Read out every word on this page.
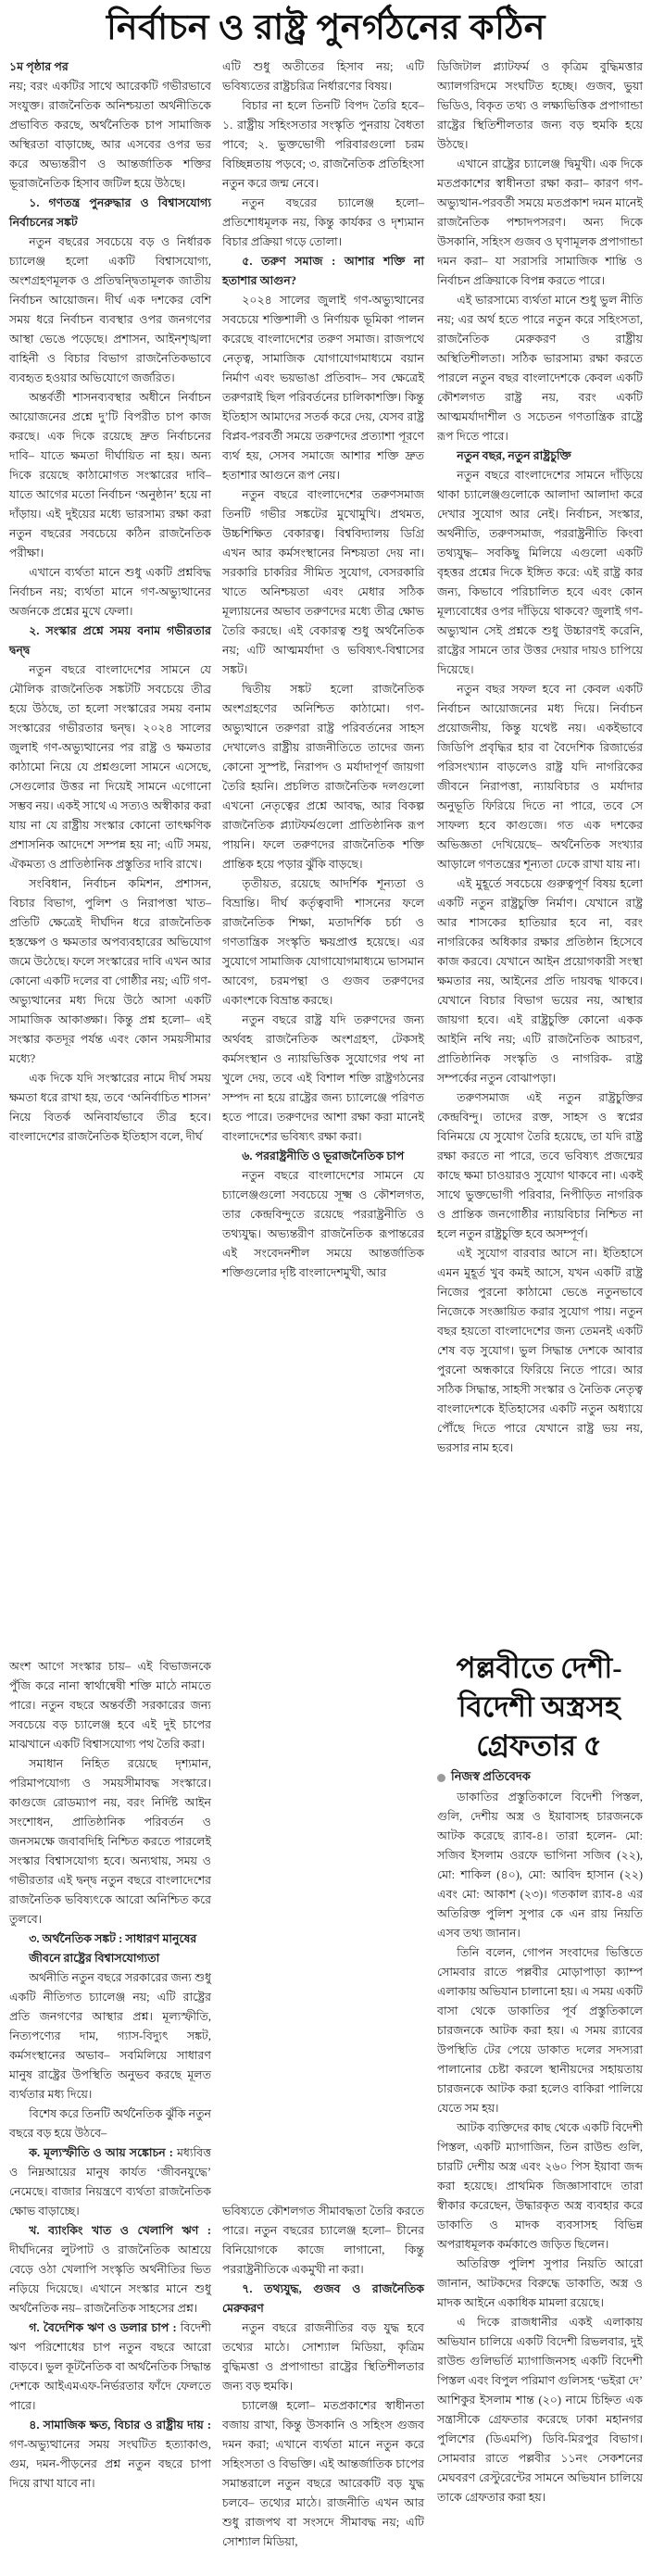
নির্বাচন ও রাষ্ট্র পুনর্গঠনের কঠিন
১ম পৃষ্ঠার পর

নয়; বরং একটির সাথে আরেকটি গভীরভাবে সংযুক্ত। রাজনৈতিক অনিশ্চয়তা অর্থনীতিকে প্রভাবিত করছে, অর্থনৈতিক চাপ সামাজিক অস্থিরতা বাড়াচ্ছে, আর এসবের ওপর ভর করে অভ্যন্তরীণ ও আন্তর্জাতিক শক্তির ভূরাজনৈতিক হিসাব জটিল হয়ে উঠছে।

১. গণতন্ত্র পুনরুদ্ধার ও বিশ্বাসযোগ্য নির্বাচনের সঙ্কট

নতুন বছরের সবচেয়ে বড় ও নির্ধারক চ্যালেঞ্জ হলো একটি বিশ্বাসযোগ্য, অংশগ্রহণমূলক ও প্রতিদ্বন্দ্বিতামূলক জাতীয় নির্বাচন আয়োজন। দীর্ঘ এক দশকের বেশি সময় ধরে নির্বাচন ব্যবস্থার ওপর জনগণের আস্থা ভেঙে পড়েছে। প্রশাসন, আইনশৃঙ্খলা বাহিনী ও বিচার বিভাগ রাজনৈতিকভাবে ব্যবহৃত হওয়ার অভিযোগে জর্জরিত।

অন্তর্বর্তী শাসনব্যবস্থার অধীনে নির্বাচন আয়োজনের প্রশ্নে দু’টি বিপরীত চাপ কাজ করছে। এক দিকে রয়েছে দ্রুত নির্বাচনের দাবি– যাতে ক্ষমতা দীর্ঘায়িত না হয়। অন্য দিকে রয়েছে কাঠামোগত সংস্কারের দাবি– যাতে আগের মতো নির্বাচন ‘অনুষ্ঠান’ হয়ে না দাঁড়ায়। এই দুইয়ের মধ্যে ভারসাম্য রক্ষা করা নতুন বছরের সবচেয়ে কঠিন রাজনৈতিক পরীক্ষা।

এখানে ব্যর্থতা মানে শুধু একটি প্রশ্নবিদ্ধ নির্বাচন নয়; ব্যর্থতা মানে গণ-অভ্যুত্থানের অর্জনকে প্রশ্নের মুখে ফেলা।

২. সংস্কার প্রশ্নে সময় বনাম গভীরতার দ্বন্দ্ব

নতুন বছরে বাংলাদেশের সামনে যে মৌলিক রাজনৈতিক সঙ্কটটি সবচেয়ে তীব্র হয়ে উঠছে, তা হলো সংস্কারের সময় বনাম সংস্কারের গভীরতার দ্বন্দ্ব। ২০২৪ সালের জুলাই গণ-অভ্যুত্থানের পর রাষ্ট্র ও ক্ষমতার কাঠামো নিয়ে যে প্রশ্নগুলো সামনে এসেছে, সেগুলোর উত্তর না দিয়েই সামনে এগোনো সম্ভব নয়। একই সাথে এ সত্যও অস্বীকার করা যায় না যে রাষ্ট্রীয় সংস্কার কোনো তাৎক্ষণিক প্রশাসনিক আদেশে সম্পন্ন হয় না; এটি সময়, ঐকমত্য ও প্রাতিষ্ঠানিক প্রস্তুতির দাবি রাখে।

সংবিধান, নির্বাচন কমিশন, প্রশাসন, বিচার বিভাগ, পুলিশ ও নিরাপত্তা খাত– প্রতিটি ক্ষেত্রেই দীর্ঘদিন ধরে রাজনৈতিক হস্তক্ষেপ ও ক্ষমতার অপব্যবহারের অভিযোগ জমে উঠেছে। ফলে সংস্কারের দাবি এখন আর কোনো একটি দলের বা গোষ্ঠীর নয়; এটি গণ-অভ্যুত্থানের মধ্য দিয়ে উঠে আসা একটি সামাজিক আকাঙ্ক্ষা। কিন্তু প্রশ্ন হলো– এই সংস্কার কতদূর পর্যন্ত এবং কোন সময়সীমার মধ্যে?

এক দিকে যদি সংস্কারের নামে দীর্ঘ সময় ক্ষমতা ধরে রাখা হয়, তবে ‘অনির্বাচিত শাসন’ নিয়ে বিতর্ক অনিবার্যভাবে তীব্র হবে। বাংলাদেশের রাজনৈতিক ইতিহাস বলে, দীর্ঘ

অংশ আগে সংস্কার চায়– এই বিভাজনকে পুঁজি করে নানা স্বার্থান্বেষী শক্তি মাঠে নামতে পারে। নতুন বছরে অন্তর্বর্তী সরকারের জন্য সবচেয়ে বড় চ্যালেঞ্জ হবে এই দুই চাপের মাঝখানে একটি বিশ্বাসযোগ্য পথ তৈরি করা।

সমাধান নিহিত রয়েছে দৃশ্যমান, পরিমাপযোগ্য ও সময়সীমাবদ্ধ সংস্কারে। কাগুজে রোডম্যাপ নয়, বরং নির্দিষ্ট আইন সংশোধন, প্রাতিষ্ঠানিক পরিবর্তন ও জনসমক্ষে জবাবদিহি নিশ্চিত করতে পারলেই সংস্কার বিশ্বাসযোগ্য হবে। অন্যথায়, সময় ও গভীরতার এই দ্বন্দ্ব নতুন বছরে বাংলাদেশের রাজনৈতিক ভবিষ্যৎকে আরো অনিশ্চিত করে তুলবে।

৩. অর্থনৈতিক সঙ্কট : সাধারণ মানুষের
জীবনে রাষ্ট্রের বিশ্বাসযোগ্যতা

অর্থনীতি নতুন বছরে সরকারের জন্য শুধু একটি নীতিগত চ্যালেঞ্জ নয়; এটি রাষ্ট্রের প্রতি জনগণের আস্থার প্রশ্ন। মূল্যস্ফীতি, নিত্যপণ্যের দাম, গ্যাস-বিদ্যুৎ সঙ্কট, কর্মসংস্থানের অভাব– সবমিলিয়ে সাধারণ মানুষ রাষ্ট্রের উপস্থিতি অনুভব করছে মূলত ব্যর্থতার মধ্য দিয়ে।

বিশেষ করে তিনটি অর্থনৈতিক ঝুঁকি নতুন বছরে বড় হয়ে উঠবে–

ক. মূল্যস্ফীতি ও আয় সঙ্কোচন : মধ্যবিত্ত ও নিম্নআয়ের মানুষ কার্যত ‘জীবনযুদ্ধে’ নেমেছে। বাজার নিয়ন্ত্রণে ব্যর্থতা রাজনৈতিক ক্ষোভ বাড়াচ্ছে।

খ. ব্যাংকিং খাত ও খেলাপি ঋণ : দীর্ঘদিনের লুটপাট ও রাজনৈতিক আশ্রয়ে বেড়ে ওঠা খেলাপি সংস্কৃতি অর্থনীতির ভিত নড়িয়ে দিয়েছে। এখানে সংস্কার মানে শুধু অর্থনৈতিক নয়– রাজনৈতিক সাহসের প্রশ্ন।

গ. বৈদেশিক ঋণ ও ডলার চাপ : বিদেশী ঋণ পরিশোধের চাপ নতুন বছরে আরো বাড়বে। ভুল কূটনৈতিক বা অর্থনৈতিক সিদ্ধান্ত দেশকে আইএমএফ-নির্ভরতার ফাঁদে ফেলতে পারে।

৪. সামাজিক ক্ষত, বিচার ও রাষ্ট্রীয় দায় : গণ-অভ্যুত্থানের সময় সংঘটিত হত্যাকাণ্ড, গুম, দমন-পীড়নের প্রশ্ন নতুন বছরে চাপা দিয়ে রাখা যাবে না।

এটি শুধু অতীতের হিসাব নয়; এটি ভবিষ্যতের রাষ্ট্রচরিত্র নির্ধারণের বিষয়।

বিচার না হলে তিনটি বিপদ তৈরি হবে– ১. রাষ্ট্রীয় সহিংসতার সংস্কৃতি পুনরায় বৈধতা পাবে; ২. ভুক্তভোগী পরিবারগুলো চরম বিচ্ছিন্নতায় পড়বে; ৩. রাজনৈতিক প্রতিহিংসা নতুন করে জন্ম নেবে।

নতুন বছরের চ্যালেঞ্জ হলো– প্রতিশোধমূলক নয়, কিন্তু কার্যকর ও দৃশ্যমান বিচার প্রক্রিয়া গড়ে তোলা।

৫. তরুণ সমাজ : আশার শক্তি না হতাশার আগুন?

২০২৪ সালের জুলাই গণ-অভ্যুত্থানের সবচেয়ে শক্তিশালী ও নির্ণায়ক ভূমিকা পালন করেছে বাংলাদেশের তরুণ সমাজ। রাজপথে নেতৃত্ব, সামাজিক যোগাযোগমাধ্যমে বয়ান নির্মাণ এবং ভয়ভাঙা প্রতিবাদ– সব ক্ষেত্রেই তরুণরাই ছিল পরিবর্তনের চালিকাশক্তি। কিন্তু ইতিহাস আমাদের সতর্ক করে দেয়, যেসব রাষ্ট্র বিপ্লব-পরবর্তী সময়ে তরুণদের প্রত্যাশা পূরণে ব্যর্থ হয়, সেসব সমাজে আশার শক্তি দ্রুত হতাশার আগুনে রূপ নেয়।

নতুন বছরে বাংলাদেশের তরুণসমাজ তিনটি গভীর সঙ্কটের মুখোমুখি। প্রথমত, উচ্চশিক্ষিত বেকারত্ব। বিশ্ববিদ্যালয় ডিগ্রি এখন আর কর্মসংস্থানের নিশ্চয়তা দেয় না। সরকারি চাকরির সীমিত সুযোগ, বেসরকারি খাতে অনিশ্চয়তা এবং মেধার সঠিক মূল্যায়নের অভাব তরুণদের মধ্যে তীব্র ক্ষোভ তৈরি করছে। এই বেকারত্ব শুধু অর্থনৈতিক নয়; এটি আত্মমর্যাদা ও ভবিষ্যৎ-বিশ্বাসের সঙ্কট।

দ্বিতীয় সঙ্কট হলো রাজনৈতিক অংশগ্রহণের অনিশ্চিত কাঠামো। গণ-অভ্যুত্থানে তরুণরা রাষ্ট্র পরিবর্তনের সাহস দেখালেও রাষ্ট্রীয় রাজনীতিতে তাদের জন্য কোনো সুস্পষ্ট, নিরাপদ ও মর্যাদাপূর্ণ জায়গা তৈরি হয়নি। প্রচলিত রাজনৈতিক দলগুলো এখনো নেতৃত্বের প্রশ্নে আবদ্ধ, আর বিকল্প রাজনৈতিক প্ল্যাটফর্মগুলো প্রাতিষ্ঠানিক রূপ পায়নি। ফলে তরুণদের রাজনৈতিক শক্তি প্রান্তিক হয়ে পড়ার ঝুঁকি বাড়ছে।

তৃতীয়ত, রয়েছে আদর্শিক শূন্যতা ও বিভ্রান্তি। দীর্ঘ কর্তৃত্ববাদী শাসনের ফলে রাজনৈতিক শিক্ষা, মতাদর্শিক চর্চা ও গণতান্ত্রিক সংস্কৃতি ক্ষয়প্রাপ্ত হয়েছে। এর সুযোগে সামাজিক যোগাযোগমাধ্যমে ভাসমান আবেগ, চরমপন্থা ও গুজব তরুণদের একাংশকে বিভ্রান্ত করছে।

নতুন বছরে রাষ্ট্র যদি তরুণদের জন্য অর্থবহ রাজনৈতিক অংশগ্রহণ, টেকসই কর্মসংস্থান ও ন্যায়ভিত্তিক সুযোগের পথ না খুলে দেয়, তবে এই বিশাল শক্তি রাষ্ট্রগঠনের সম্পদ না হয়ে রাষ্ট্রের জন্য চ্যালেঞ্জে পরিণত হতে পারে। তরুণদের আশা রক্ষা করা মানেই বাংলাদেশের ভবিষ্যৎ রক্ষা করা।

৬. পররাষ্ট্রনীতি ও ভূরাজনৈতিক চাপ

নতুন বছরে বাংলাদেশের সামনে যে চ্যালেঞ্জগুলো সবচেয়ে সূক্ষ্ম ও কৌশলগত, তার কেন্দ্রবিন্দুতে রয়েছে পররাষ্ট্রনীতি ও তথ্যযুদ্ধ। অভ্যন্তরীণ রাজনৈতিক রূপান্তরের এই সংবেদনশীল সময়ে আন্তর্জাতিক শক্তিগুলোর দৃষ্টি বাংলাদেশমুখী, আর

ভবিষ্যতে কৌশলগত সীমাবদ্ধতা তৈরি করতে পারে। নতুন বছরের চ্যালেঞ্জ হলো– চীনের বিনিয়োগকে কাজে লাগানো, কিন্তু পররাষ্ট্রনীতিকে একমুখী না করা।

৭. তথ্যযুদ্ধ, গুজব ও রাজনৈতিক মেরুকরণ

নতুন বছরে রাজনীতির বড় যুদ্ধ হবে তথ্যের মাঠে। সোশ্যাল মিডিয়া, কৃত্রিম বুদ্ধিমত্তা ও প্রপাগান্ডা রাষ্ট্রের স্থিতিশীলতার জন্য বড় হুমকি।

চ্যালেঞ্জ হলো– মতপ্রকাশের স্বাধীনতা বজায় রাখা, কিন্তু উসকানি ও সহিংস গুজব দমন করা; এখানে ব্যর্থতা মানে নতুন করে সহিংসতা ও বিভক্তি। এই আন্তর্জাতিক চাপের সমান্তরালে নতুন বছরে আরেকটি বড় যুদ্ধ চলবে– তথ্যের মাঠে। রাজনীতি এখন আর শুধু রাজপথ বা সংসদে সীমাবদ্ধ নয়; এটি সোশ্যাল মিডিয়া,

ডিজিটাল প্ল্যাটফর্ম ও কৃত্রিম বুদ্ধিমত্তার অ্যালগরিদমে সংঘটিত হচ্ছে। গুজব, ভুয়া ভিডিও, বিকৃত তথ্য ও লক্ষ্যভিত্তিক প্রপাগান্ডা রাষ্ট্রের স্থিতিশীলতার জন্য বড় হুমকি হয়ে উঠছে।

এখানে রাষ্ট্রের চ্যালেঞ্জ দ্বিমুখী। এক দিকে মতপ্রকাশের স্বাধীনতা রক্ষা করা– কারণ গণ-অভ্যুত্থান-পরবর্তী সময়ে মতপ্রকাশ দমন মানেই রাজনৈতিক পশ্চাদপসরণ। অন্য দিকে উসকানি, সহিংস গুজব ও ঘৃণামূলক প্রপাগান্ডা দমন করা– যা সরাসরি সামাজিক শান্তি ও নির্বাচন প্রক্রিয়াকে বিপন্ন করতে পারে।

এই ভারসাম্যে ব্যর্থতা মানে শুধু ভুল নীতি নয়; এর অর্থ হতে পারে নতুন করে সহিংসতা, রাজনৈতিক মেরুকরণ ও রাষ্ট্রীয় অস্থিতিশীলতা। সঠিক ভারসাম্য রক্ষা করতে পারলে নতুন বছর বাংলাদেশকে কেবল একটি কৌশলগত রাষ্ট্র নয়, বরং একটি আত্মমর্যাদাশীল ও সচেতন গণতান্ত্রিক রাষ্ট্রে রূপ দিতে পারে।

নতুন বছর, নতুন রাষ্ট্রচুক্তি

নতুন বছরে বাংলাদেশের সামনে দাঁড়িয়ে থাকা চ্যালেঞ্জগুলোকে আলাদা আলাদা করে দেখার সুযোগ আর নেই। নির্বাচন, সংস্কার, অর্থনীতি, তরুণসমাজ, পররাষ্ট্রনীতি কিংবা তথ্যযুদ্ধ– সবকিছু মিলিয়ে এগুলো একটি বৃহত্তর প্রশ্নের দিকে ইঙ্গিত করে: এই রাষ্ট্র কার জন্য, কিভাবে পরিচালিত হবে এবং কোন মূল্যবোধের ওপর দাঁড়িয়ে থাকবে? জুলাই গণ-অভ্যুত্থান সেই প্রশ্নকে শুধু উচ্চারণই করেনি, রাষ্ট্রের সামনে তার উত্তর দেয়ার দায়ও চাপিয়ে দিয়েছে।

নতুন বছর সফল হবে না কেবল একটি নির্বাচন আয়োজনের মধ্য দিয়ে। নির্বাচন প্রয়োজনীয়, কিন্তু যথেষ্ট নয়। একইভাবে জিডিপি প্রবৃদ্ধির হার বা বৈদেশিক রিজার্ভের পরিসংখ্যান বাড়লেও রাষ্ট্র যদি নাগরিকের জীবনে নিরাপত্তা, ন্যায়বিচার ও মর্যাদার অনুভূতি ফিরিয়ে দিতে না পারে, তবে সে সাফল্য হবে কাগুজে। গত এক দশকের অভিজ্ঞতা দেখিয়েছে– অর্থনৈতিক সংখ্যার আড়ালে গণতন্ত্রের শূন্যতা ঢেকে রাখা যায় না।

এই মুহূর্তে সবচেয়ে গুরুত্বপূর্ণ বিষয় হলো একটি নতুন রাষ্ট্রচুক্তি নির্মাণ। যেখানে রাষ্ট্র আর শাসকের হাতিয়ার হবে না, বরং নাগরিকের অধিকার রক্ষার প্রতিষ্ঠান হিসেবে কাজ করবে। যেখানে আইন প্রয়োগকারী সংস্থা ক্ষমতার নয়, আইনের প্রতি দায়বদ্ধ থাকবে। যেখানে বিচার বিভাগ ভয়ের নয়, আস্থার জায়গা হবে। এই রাষ্ট্রচুক্তি কোনো একক আইনি নথি নয়; এটি রাজনৈতিক আচরণ, প্রাতিষ্ঠানিক সংস্কৃতি ও নাগরিক- রাষ্ট্র সম্পর্কের নতুন বোঝাপড়া।

তরুণসমাজ এই নতুন রাষ্ট্রচুক্তির কেন্দ্রবিন্দু। তাদের রক্ত, সাহস ও স্বপ্নের বিনিময়ে যে সুযোগ তৈরি হয়েছে, তা যদি রাষ্ট্র রক্ষা করতে না পারে, তবে ভবিষ্যৎ প্রজন্মের কাছে ক্ষমা চাওয়ারও সুযোগ থাকবে না। একই সাথে ভুক্তভোগী পরিবার, নিপীড়িত নাগরিক ও প্রান্তিক জনগোষ্ঠীর ন্যায়বিচার নিশ্চিত না হলে নতুন রাষ্ট্রচুক্তি হবে অসম্পূর্ণ।

এই সুযোগ বারবার আসে না। ইতিহাসে এমন মুহূর্ত খুব কমই আসে, যখন একটি রাষ্ট্র নিজের পুরনো কাঠামো ভেঙে নতুনভাবে নিজেকে সংজ্ঞায়িত করার সুযোগ পায়। নতুন বছর হয়তো বাংলাদেশের জন্য তেমনই একটি শেষ বড় সুযোগ। ভুল সিদ্ধান্ত দেশকে আবার পুরনো অন্ধকারে ফিরিয়ে নিতে পারে। আর সঠিক সিদ্ধান্ত, সাহসী সংস্কার ও নৈতিক নেতৃত্ব বাংলাদেশকে ইতিহাসের একটি নতুন অধ্যায়ে পৌঁছে দিতে পারে যেখানে রাষ্ট্র ভয় নয়, ভরসার নাম হবে।

পল্লবীতে দেশী-বিদেশী অস্ত্রসহ গ্রেফতার ৫
নিজস্ব প্রতিবেদক

ডাকাতির প্রস্তুতিকালে বিদেশী পিস্তল, গুলি, দেশীয় অস্ত্র ও ইয়াবাসহ চারজনকে আটক করেছে র‌্যাব-৪। তারা হলেন- মো: সজিব ইসলাম ওরফে ভাগিনা সজিব (২২), মো: শাকিল (৪০), মো: আবিদ হাসান (২২) এবং মো: আকাশ (২৩)। গতকাল র‌্যাব-৪ এর অতিরিক্ত পুলিশ সুপার কে এন রায় নিয়তি এসব তথ্য জানান।

তিনি বলেন, গোপন সংবাদের ভিত্তিতে সোমবার রাতে পল্লবীর মোড়াপাড়া ক্যাম্প এলাকায় অভিযান চালানো হয়। এ সময় একটি বাসা থেকে ডাকাতির পূর্ব প্রস্তুতিকালে চারজনকে আটক করা হয়। এ সময় র‌্যাবের উপস্থিতি টের পেয়ে ডাকাত দলের সদস্যরা পালানোর চেষ্টা করলে স্থানীয়দের সহায়তায় চারজনকে আটক করা হলেও বাকিরা পালিয়ে যেতে সম হয়।

আটক ব্যক্তিদের কাছ থেকে একটি বিদেশী পিস্তল, একটি ম্যাগাজিন, তিন রাউন্ড গুলি, চারটি দেশীয় অস্ত্র এবং ২৬০ পিস ইয়াবা জব্দ করা হয়েছে। প্রাথমিক জিজ্ঞাসাবাদে তারা স্বীকার করেছেন, উদ্ধারকৃত অস্ত্র ব্যবহার করে ডাকাতি ও মাদক ব্যবসাসহ বিভিন্ন অপরাধমূলক কর্মকাণ্ডে জড়িত ছিলেন।

অতিরিক্ত পুলিশ সুপার নিয়তি আরো জানান, আটকদের বিরুদ্ধে ডাকাতি, অস্ত্র ও মাদক আইনে একাধিক মামলা রয়েছে।

এ দিকে রাজধানীর একই এলাকায় অভিযান চালিয়ে একটি বিদেশী রিভলবার, দুই রাউন্ড গুলিভর্তি ম্যাগাজিনসহ একটি বিদেশী পিস্তল এবং বিপুল পরিমাণ গুলিসহ ‘ভইরা দে’ আশিকুর ইসলাম শান্ত (২০) নামে চিহ্নিত এক সন্ত্রাসীকে গ্রেফতার করেছে ঢাকা মহানগর পুলিশের (ডিএমপি) ডিবি-মিরপুর বিভাগ। সোমবার রাতে পল্লবীর ১১নং সেকশনের মেঘবরণ রেস্টুরেন্টের সামনে অভিযান চালিয়ে তাকে গ্রেফতার করা হয়।
